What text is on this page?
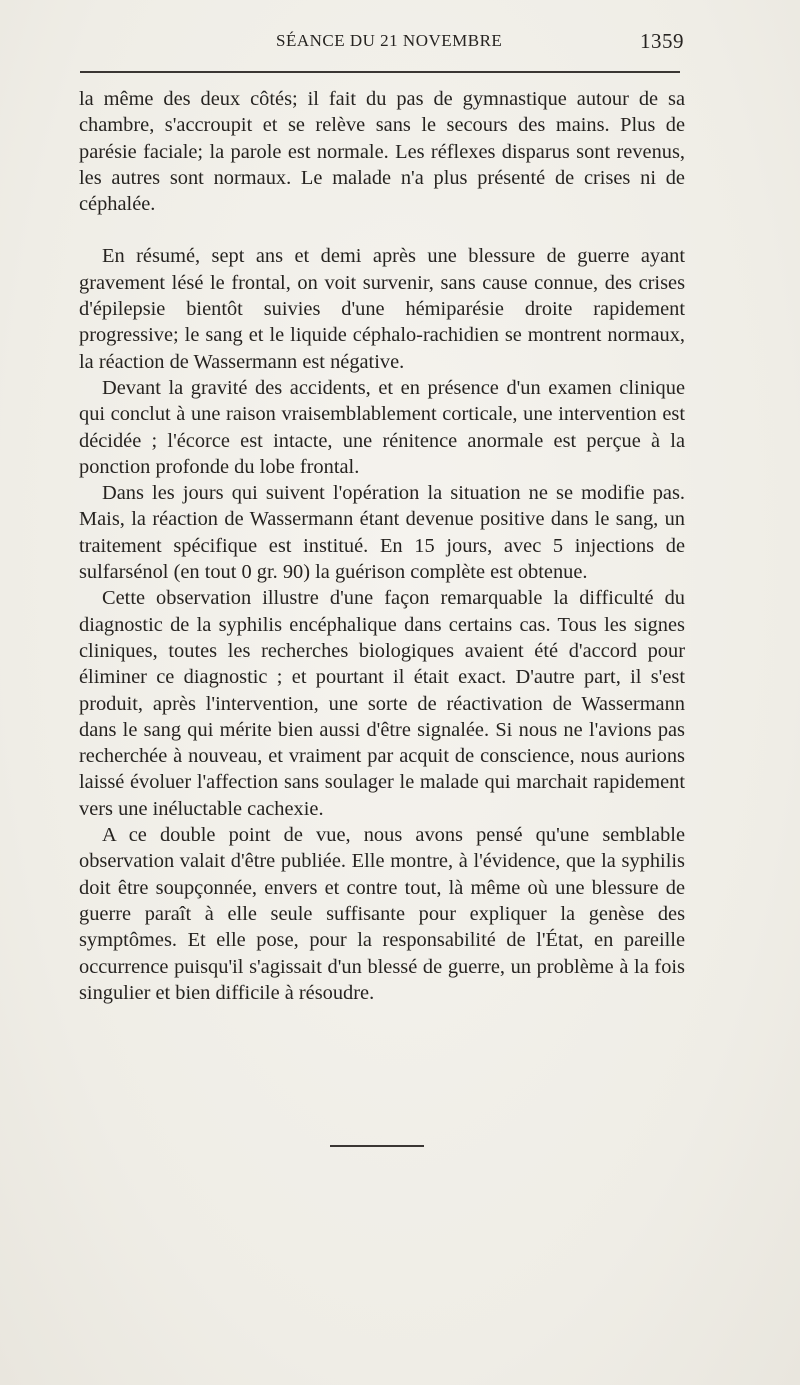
SÉANCE DU 21 NOVEMBRE	1359

la même des deux côtés; il fait du pas de gymnastique autour de sa chambre, s'accroupit et se relève sans le secours des mains. Plus de parésie faciale; la parole est normale. Les réflexes disparus sont revenus, les autres sont normaux. Le malade n'a plus présenté de crises ni de céphalée.

En résumé, sept ans et demi après une blessure de guerre ayant gravement lésé le frontal, on voit survenir, sans cause connue, des crises d'épilepsie bientôt suivies d'une hémiparésie droite rapidement progressive; le sang et le liquide céphalo-rachidien se montrent normaux, la réaction de Wassermann est négative.

Devant la gravité des accidents, et en présence d'un examen clinique qui conclut à une raison vraisemblablement corticale, une intervention est décidée ; l'écorce est intacte, une rénitence anormale est perçue à la ponction profonde du lobe frontal.

Dans les jours qui suivent l'opération la situation ne se modifie pas. Mais, la réaction de Wassermann étant devenue positive dans le sang, un traitement spécifique est institué. En 15 jours, avec 5 injections de sulfarsénol (en tout 0 gr. 90) la guérison complète est obtenue.

Cette observation illustre d'une façon remarquable la difficulté du diagnostic de la syphilis encéphalique dans certains cas. Tous les signes cliniques, toutes les recherches biologiques avaient été d'accord pour éliminer ce diagnostic ; et pourtant il était exact. D'autre part, il s'est produit, après l'intervention, une sorte de réactivation de Wassermann dans le sang qui mérite bien aussi d'être signalée. Si nous ne l'avions pas recherchée à nouveau, et vraiment par acquit de conscience, nous aurions laissé évoluer l'affection sans soulager le malade qui marchait rapidement vers une inéluctable cachexie.

A ce double point de vue, nous avons pensé qu'une semblable observation valait d'être publiée. Elle montre, à l'évidence, que la syphilis doit être soupçonnée, envers et contre tout, là même où une blessure de guerre paraît à elle seule suffisante pour expliquer la genèse des symptômes. Et elle pose, pour la responsabilité de l'État, en pareille occurrence puisqu'il s'agissait d'un blessé de guerre, un problème à la fois singulier et bien difficile à résoudre.
